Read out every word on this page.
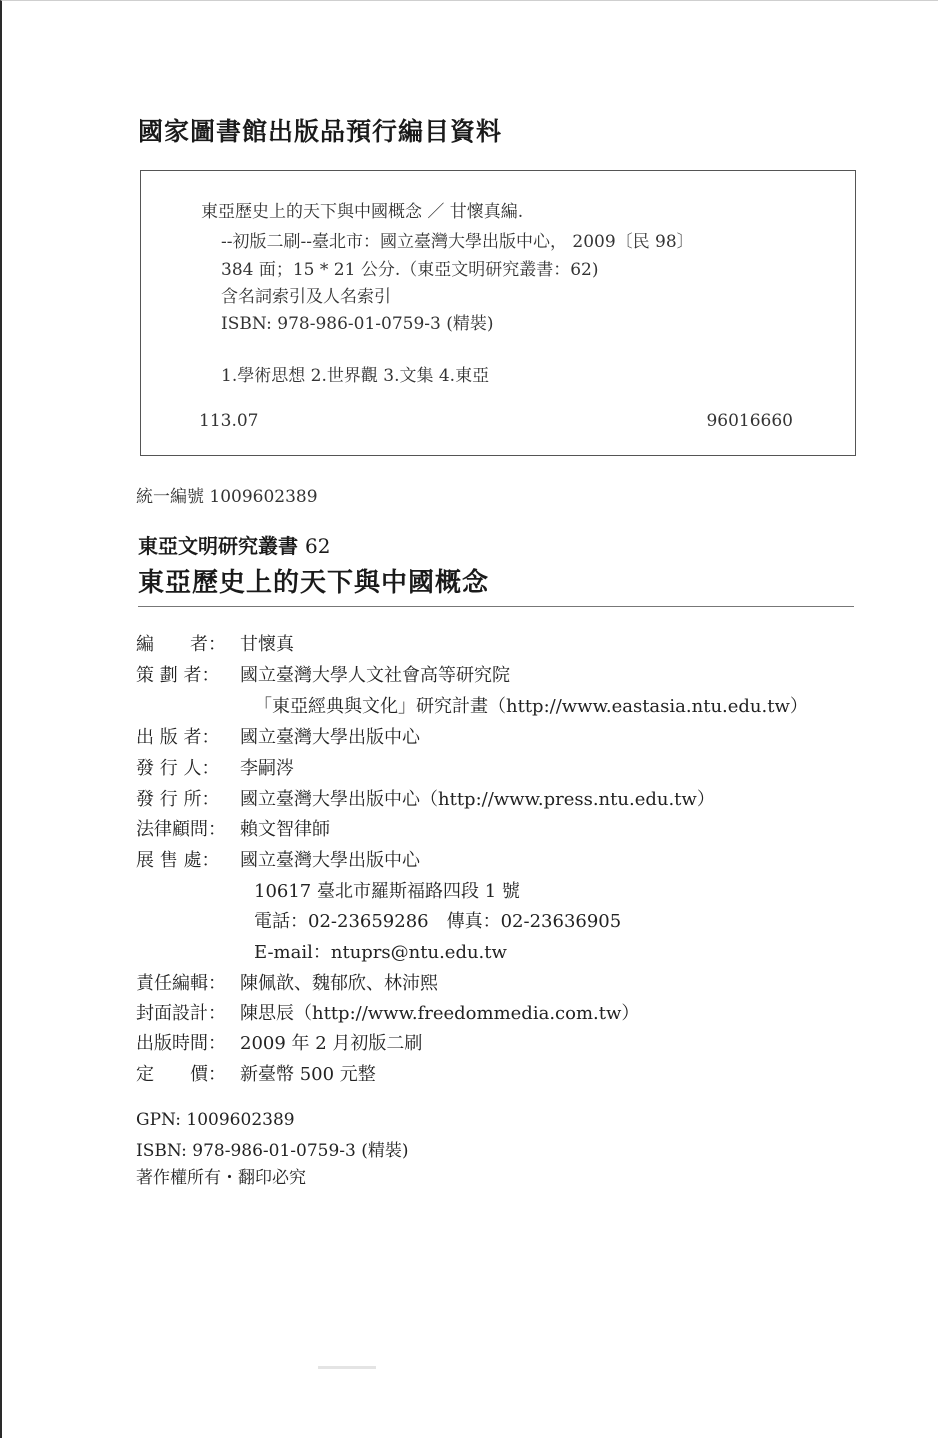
國家圖書館出版品預行編目資料
東亞歷史上的天下與中國概念 ／ 甘懷真編.
--初版二刷--臺北市：國立臺灣大學出版中心， 2009〔民 98〕
384 面；15 * 21 公分.（東亞文明研究叢書：62)
含名詞索引及人名索引
ISBN: 978-986-01-0759-3 (精裝)
1.學術思想 2.世界觀 3.文集 4.東亞
113.07	96016660
統一編號 1009602389
東亞文明研究叢書 62
東亞歷史上的天下與中國概念
編　　者： 甘懷真
策 劃 者： 國立臺灣大學人文社會高等研究院
「東亞經典與文化」研究計畫（http://www.eastasia.ntu.edu.tw）
出 版 者： 國立臺灣大學出版中心
發 行 人： 李嗣涔
發 行 所： 國立臺灣大學出版中心（http://www.press.ntu.edu.tw）
法律顧問： 賴文智律師
展 售 處： 國立臺灣大學出版中心
10617 臺北市羅斯福路四段 1 號
電話：02-23659286　傳真：02-23636905
E-mail：ntuprs@ntu.edu.tw
責任編輯： 陳佩歆、魏郁欣、林沛熙
封面設計： 陳思辰（http://www.freedommedia.com.tw）
出版時間： 2009 年 2 月初版二刷
定　　價： 新臺幣 500 元整
GPN: 1009602389
ISBN: 978-986-01-0759-3 (精裝)
著作權所有・翻印必究
